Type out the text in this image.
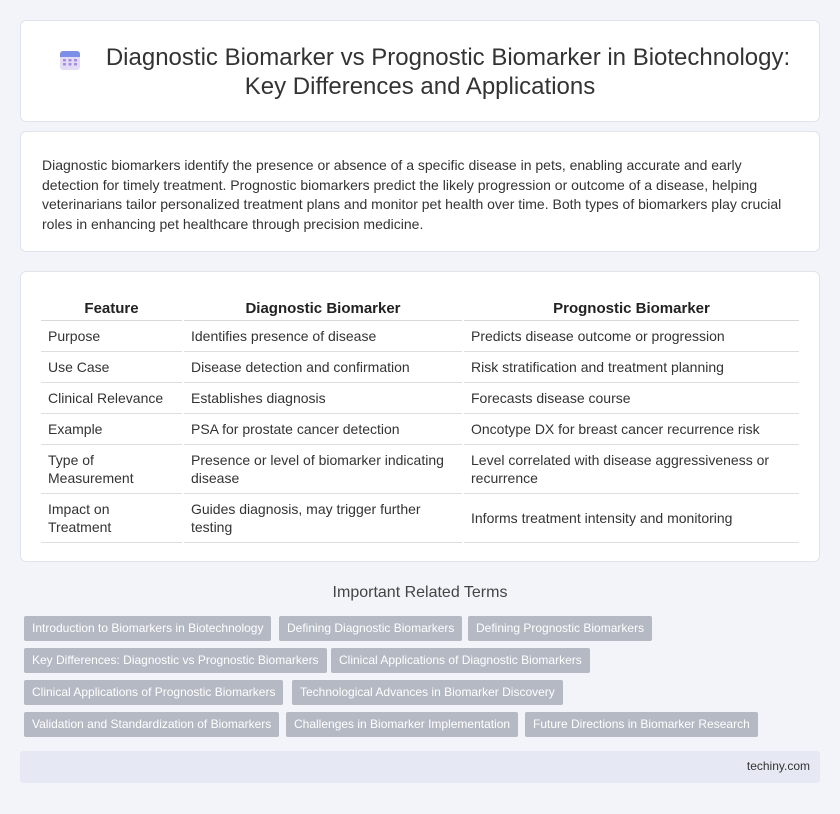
Diagnostic Biomarker vs Prognostic Biomarker in Biotechnology:
Key Differences and Applications

Diagnostic biomarkers identify the presence or absence of a specific disease in pets, enabling accurate and early detection for timely treatment. Prognostic biomarkers predict the likely progression or outcome of a disease, helping veterinarians tailor personalized treatment plans and monitor pet health over time. Both types of biomarkers play crucial roles in enhancing pet healthcare through precision medicine.

Feature	Diagnostic Biomarker	Prognostic Biomarker
Purpose	Identifies presence of disease	Predicts disease outcome or progression
Use Case	Disease detection and confirmation	Risk stratification and treatment planning
Clinical Relevance	Establishes diagnosis	Forecasts disease course
Example	PSA for prostate cancer detection	Oncotype DX for breast cancer recurrence risk
Type of Measurement	Presence or level of biomarker indicating disease	Level correlated with disease aggressiveness or recurrence
Impact on Treatment	Guides diagnosis, may trigger further testing	Informs treatment intensity and monitoring
Important Related Terms
Introduction to Biomarkers in Biotechnology	Defining Diagnostic Biomarkers	Defining Prognostic Biomarkers
Key Differences: Diagnostic vs Prognostic Biomarkers	Clinical Applications of Diagnostic Biomarkers
Clinical Applications of Prognostic Biomarkers	Technological Advances in Biomarker Discovery
Validation and Standardization of Biomarkers	Challenges in Biomarker Implementation	Future Directions in Biomarker Research
techiny.com
